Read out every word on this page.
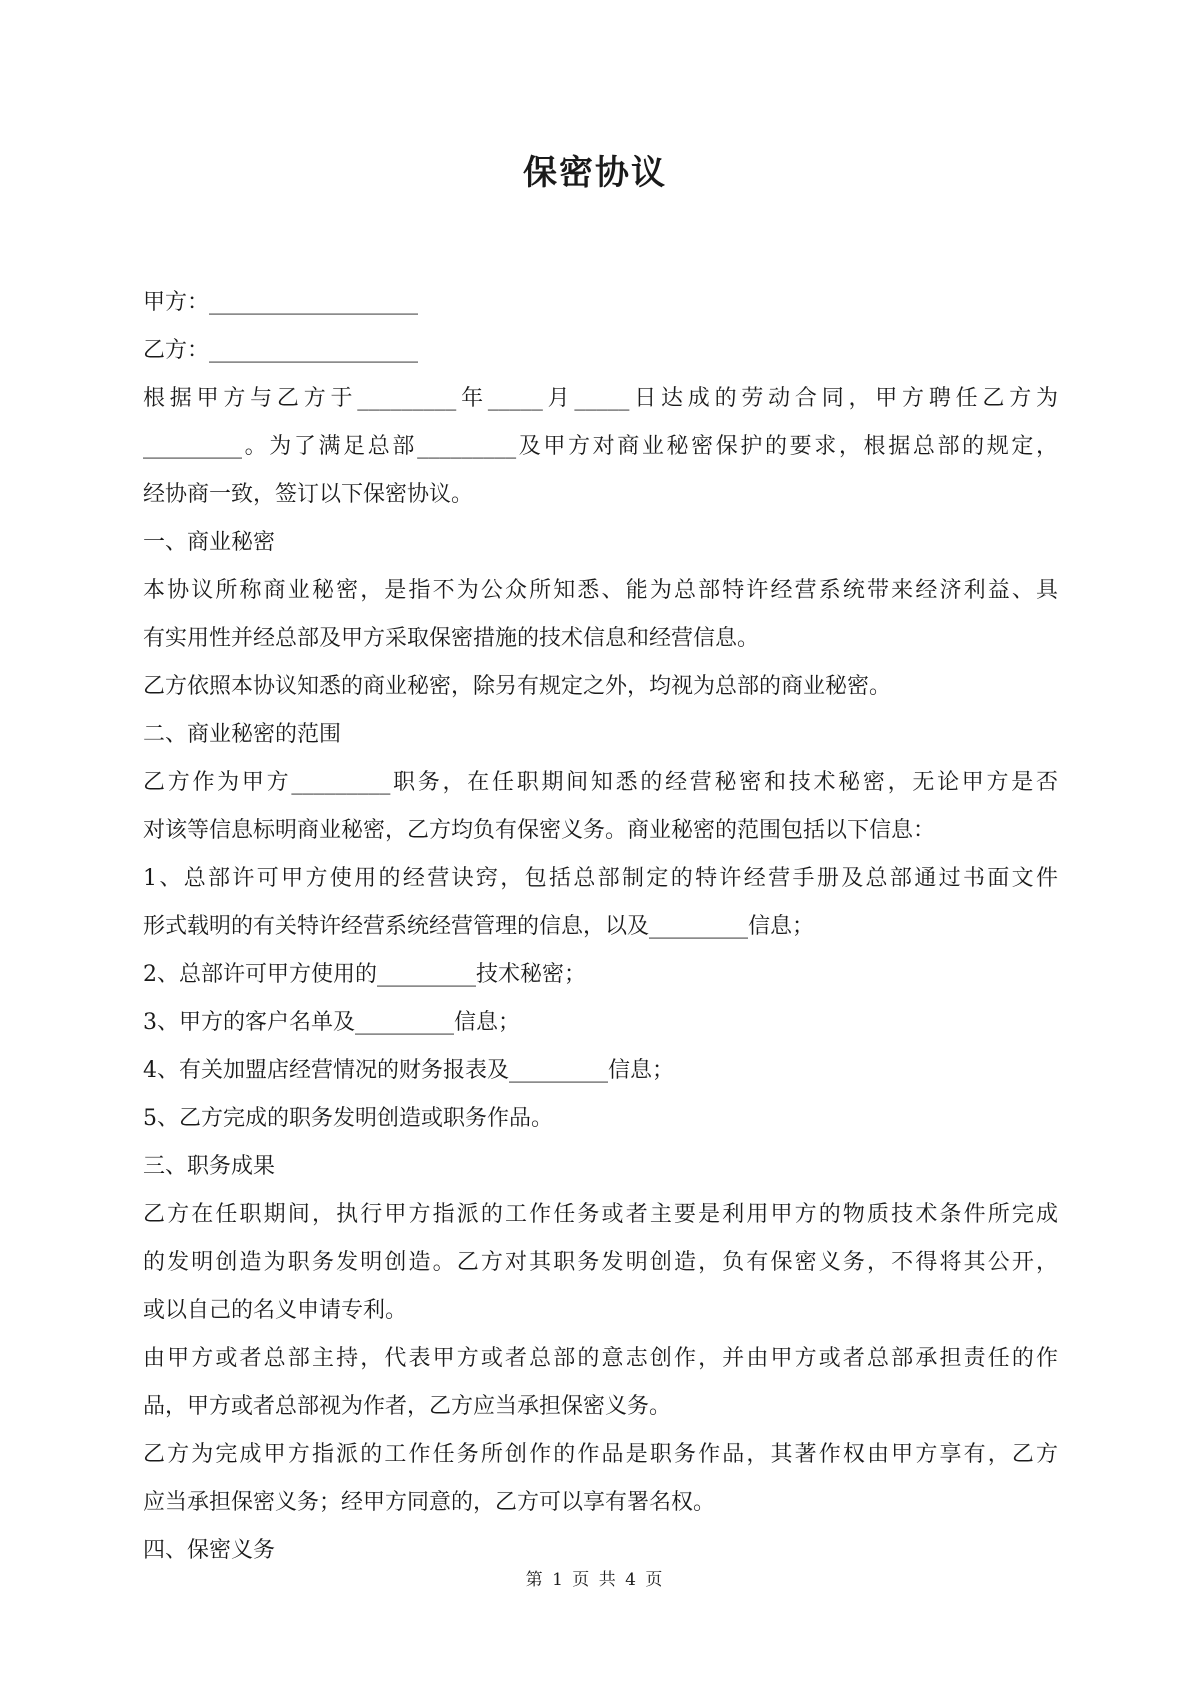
保密协议
甲方：___________________
乙方：___________________
根据甲方与乙方于_________年_____月_____日达成的劳动合同，甲方聘任乙方为
_________。为了满足总部_________及甲方对商业秘密保护的要求，根据总部的规定，
经协商一致，签订以下保密协议。
一、商业秘密
本协议所称商业秘密，是指不为公众所知悉、能为总部特许经营系统带来经济利益、具
有实用性并经总部及甲方采取保密措施的技术信息和经营信息。
乙方依照本协议知悉的商业秘密，除另有规定之外，均视为总部的商业秘密。
二、商业秘密的范围
乙方作为甲方_________职务，在任职期间知悉的经营秘密和技术秘密，无论甲方是否
对该等信息标明商业秘密，乙方均负有保密义务。商业秘密的范围包括以下信息：
1、总部许可甲方使用的经营诀窍，包括总部制定的特许经营手册及总部通过书面文件
形式载明的有关特许经营系统经营管理的信息，以及_________信息；
2、总部许可甲方使用的_________技术秘密；
3、甲方的客户名单及_________信息；
4、有关加盟店经营情况的财务报表及_________信息；
5、乙方完成的职务发明创造或职务作品。
三、职务成果
乙方在任职期间，执行甲方指派的工作任务或者主要是利用甲方的物质技术条件所完成
的发明创造为职务发明创造。乙方对其职务发明创造，负有保密义务，不得将其公开，
或以自己的名义申请专利。
由甲方或者总部主持，代表甲方或者总部的意志创作，并由甲方或者总部承担责任的作
品，甲方或者总部视为作者，乙方应当承担保密义务。
乙方为完成甲方指派的工作任务所创作的作品是职务作品，其著作权由甲方享有，乙方
应当承担保密义务；经甲方同意的，乙方可以享有署名权。
四、保密义务
第 1 页 共 4 页
